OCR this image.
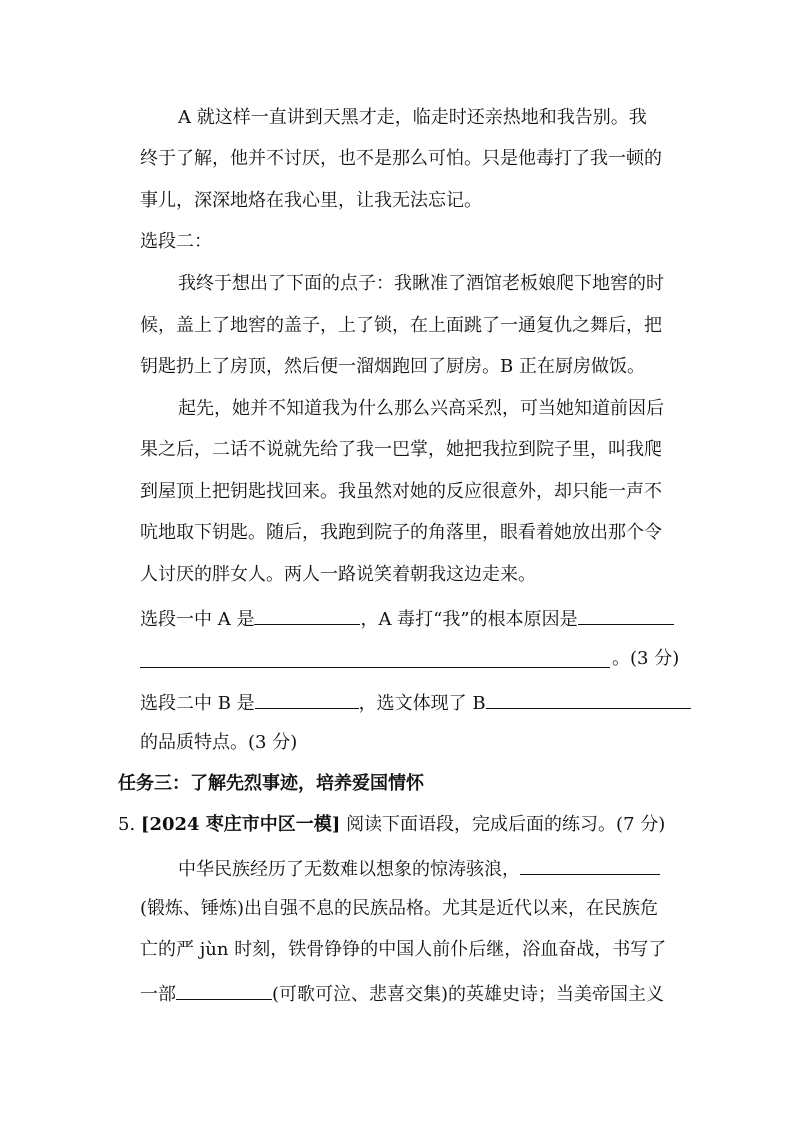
A 就这样一直讲到天黑才走，临走时还亲热地和我告别。我
终于了解，他并不讨厌，也不是那么可怕。只是他毒打了我一顿的
事儿，深深地烙在我心里，让我无法忘记。
选段二：
我终于想出了下面的点子：我瞅准了酒馆老板娘爬下地窖的时
候，盖上了地窖的盖子，上了锁，在上面跳了一通复仇之舞后，把
钥匙扔上了房顶，然后便一溜烟跑回了厨房。B 正在厨房做饭。
起先，她并不知道我为什么那么兴高采烈，可当她知道前因后
果之后，二话不说就先给了我一巴掌，她把我拉到院子里，叫我爬
到屋顶上把钥匙找回来。我虽然对她的反应很意外，却只能一声不
吭地取下钥匙。随后，我跑到院子的角落里，眼看着她放出那个令
人讨厌的胖女人。两人一路说笑着朝我这边走来。
选段一中 A 是	，A 毒打“我”的根本原因是
。(3 分)
选段二中 B 是	，选文体现了 B
的品质特点。(3 分)
任务三：了解先烈事迹，培养爱国情怀
5. [2024 枣庄市中区一模] 阅读下面语段，完成后面的练习。(7 分)
中华民族经历了无数难以想象的惊涛骇浪，
(锻炼、锤炼)出自强不息的民族品格。尤其是近代以来，在民族危
亡的严 jùn 时刻，铁骨铮铮的中国人前仆后继，浴血奋战，书写了
一部	(可歌可泣、悲喜交集)的英雄史诗；当美帝国主义
